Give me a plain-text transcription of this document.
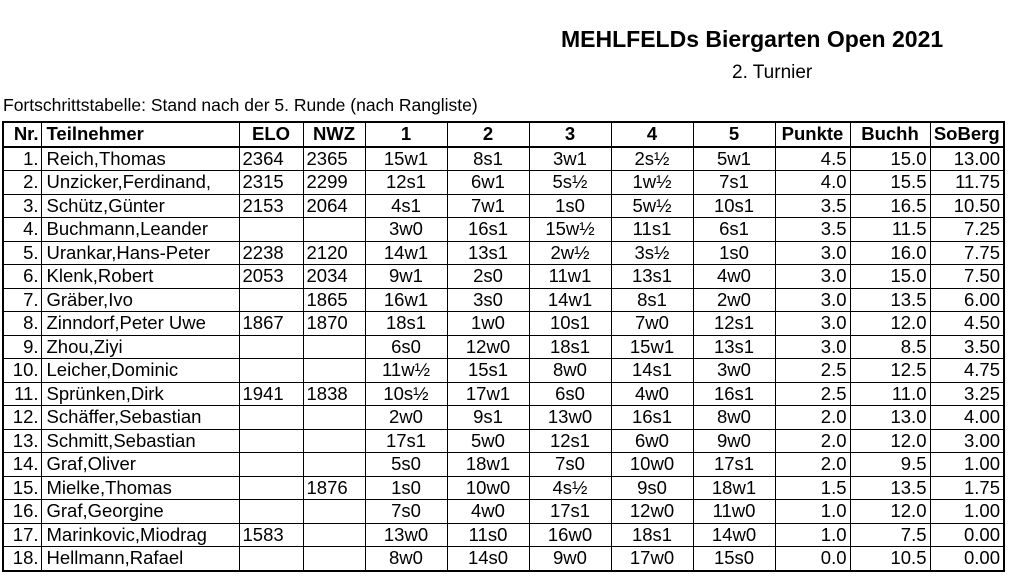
MEHLFELDs Biergarten Open 2021
2. Turnier
Fortschrittstabelle: Stand nach der 5. Runde (nach Rangliste)
Nr.	Teilnehmer	ELO	NWZ	1	2	3	4	5	Punkte	Buchh	SoBerg
1.	Reich,Thomas	2364	2365	15w1	8s1	3w1	2s½	5w1	4.5	15.0	13.00
2.	Unzicker,Ferdinand,	2315	2299	12s1	6w1	5s½	1w½	7s1	4.0	15.5	11.75
3.	Schütz,Günter	2153	2064	4s1	7w1	1s0	5w½	10s1	3.5	16.5	10.50
4.	Buchmann,Leander			3w0	16s1	15w½	11s1	6s1	3.5	11.5	7.25
5.	Urankar,Hans-Peter	2238	2120	14w1	13s1	2w½	3s½	1s0	3.0	16.0	7.75
6.	Klenk,Robert	2053	2034	9w1	2s0	11w1	13s1	4w0	3.0	15.0	7.50
7.	Gräber,Ivo		1865	16w1	3s0	14w1	8s1	2w0	3.0	13.5	6.00
8.	Zinndorf,Peter Uwe	1867	1870	18s1	1w0	10s1	7w0	12s1	3.0	12.0	4.50
9.	Zhou,Ziyi			6s0	12w0	18s1	15w1	13s1	3.0	8.5	3.50
10.	Leicher,Dominic			11w½	15s1	8w0	14s1	3w0	2.5	12.5	4.75
11.	Sprünken,Dirk	1941	1838	10s½	17w1	6s0	4w0	16s1	2.5	11.0	3.25
12.	Schäffer,Sebastian			2w0	9s1	13w0	16s1	8w0	2.0	13.0	4.00
13.	Schmitt,Sebastian			17s1	5w0	12s1	6w0	9w0	2.0	12.0	3.00
14.	Graf,Oliver			5s0	18w1	7s0	10w0	17s1	2.0	9.5	1.00
15.	Mielke,Thomas		1876	1s0	10w0	4s½	9s0	18w1	1.5	13.5	1.75
16.	Graf,Georgine			7s0	4w0	17s1	12w0	11w0	1.0	12.0	1.00
17.	Marinkovic,Miodrag	1583		13w0	11s0	16w0	18s1	14w0	1.0	7.5	0.00
18.	Hellmann,Rafael			8w0	14s0	9w0	17w0	15s0	0.0	10.5	0.00
